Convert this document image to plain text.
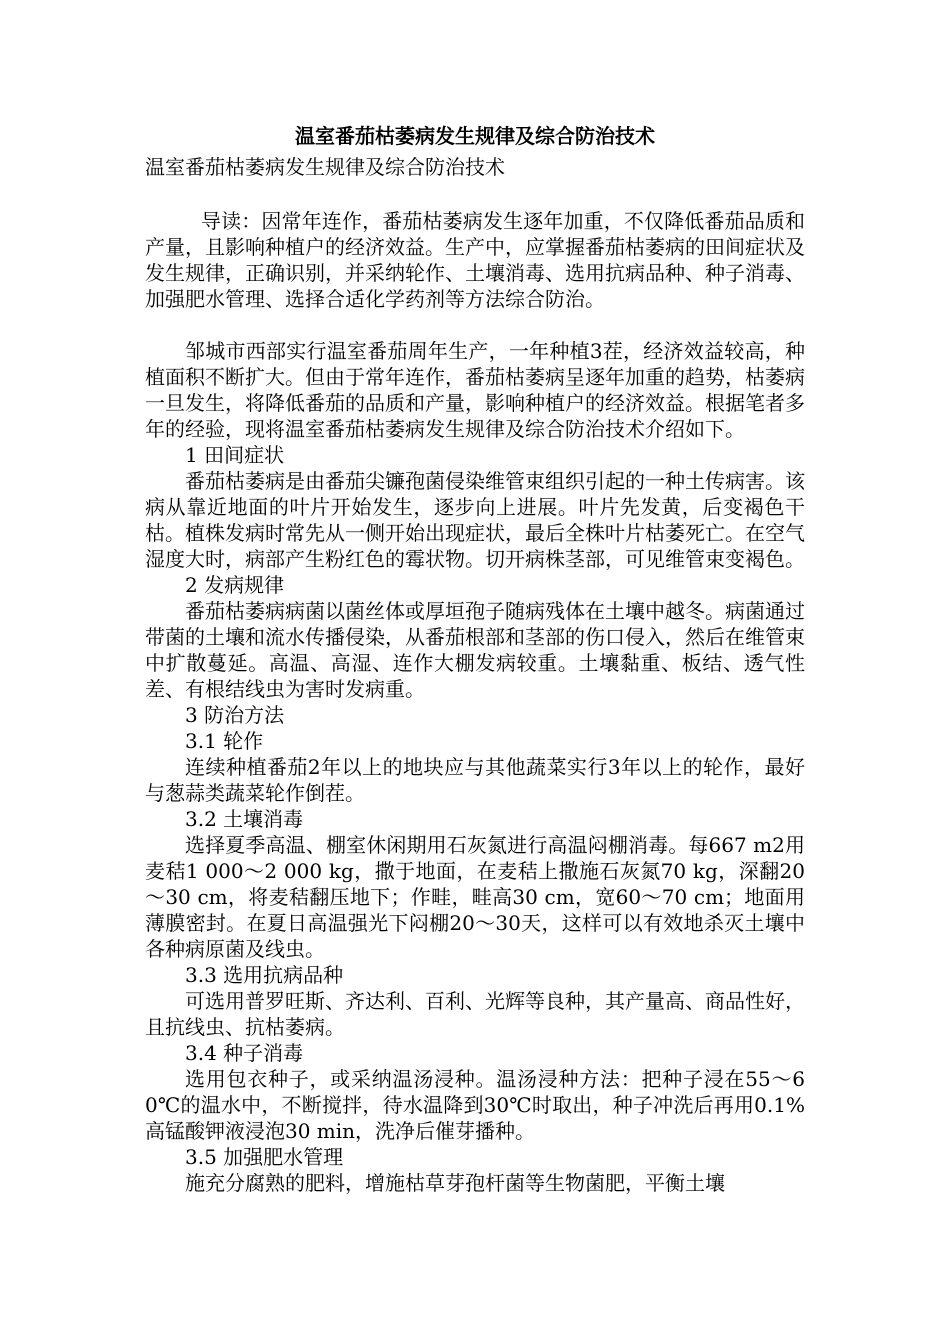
温室番茄枯萎病发生规律及综合防治技术

温室番茄枯萎病发生规律及综合防治技术

导读：因常年连作，番茄枯萎病发生逐年加重，不仅降低番茄品质和产量，且影响种植户的经济效益。生产中，应掌握番茄枯萎病的田间症状及发生规律，正确识别，并采纳轮作、土壤消毒、选用抗病品种、种子消毒、加强肥水管理、选择合适化学药剂等方法综合防治。

邹城市西部实行温室番茄周年生产，一年种植3茬，经济效益较高，种植面积不断扩大。但由于常年连作，番茄枯萎病呈逐年加重的趋势，枯萎病一旦发生，将降低番茄的品质和产量，影响种植户的经济效益。根据笔者多年的经验，现将温室番茄枯萎病发生规律及综合防治技术介绍如下。

1 田间症状

番茄枯萎病是由番茄尖镰孢菌侵染维管束组织引起的一种土传病害。该病从靠近地面的叶片开始发生，逐步向上进展。叶片先发黄，后变褐色干枯。植株发病时常先从一侧开始出现症状，最后全株叶片枯萎死亡。在空气湿度大时，病部产生粉红色的霉状物。切开病株茎部，可见维管束变褐色。

2 发病规律

番茄枯萎病病菌以菌丝体或厚垣孢子随病残体在土壤中越冬。病菌通过带菌的土壤和流水传播侵染，从番茄根部和茎部的伤口侵入，然后在维管束中扩散蔓延。高温、高湿、连作大棚发病较重。土壤黏重、板结、透气性差、有根结线虫为害时发病重。

3 防治方法

3.1 轮作

连续种植番茄2年以上的地块应与其他蔬菜实行3年以上的轮作，最好与葱蒜类蔬菜轮作倒茬。

3.2 土壤消毒

选择夏季高温、棚室休闲期用石灰氮进行高温闷棚消毒。每667 m2用麦秸1 000～2 000 kg，撒于地面，在麦秸上撒施石灰氮70 kg，深翻20～30 cm，将麦秸翻压地下；作畦，畦高30 cm，宽60～70 cm；地面用薄膜密封。在夏日高温强光下闷棚20～30天，这样可以有效地杀灭土壤中各种病原菌及线虫。

3.3 选用抗病品种

可选用普罗旺斯、齐达利、百利、光辉等良种，其产量高、商品性好，且抗线虫、抗枯萎病。

3.4 种子消毒

选用包衣种子，或采纳温汤浸种。温汤浸种方法：把种子浸在55～60℃的温水中，不断搅拌，待水温降到30℃时取出，种子冲洗后再用0.1%高锰酸钾液浸泡30 min，洗净后催芽播种。

3.5 加强肥水管理

施充分腐熟的肥料，增施枯草芽孢杆菌等生物菌肥，平衡土壤
